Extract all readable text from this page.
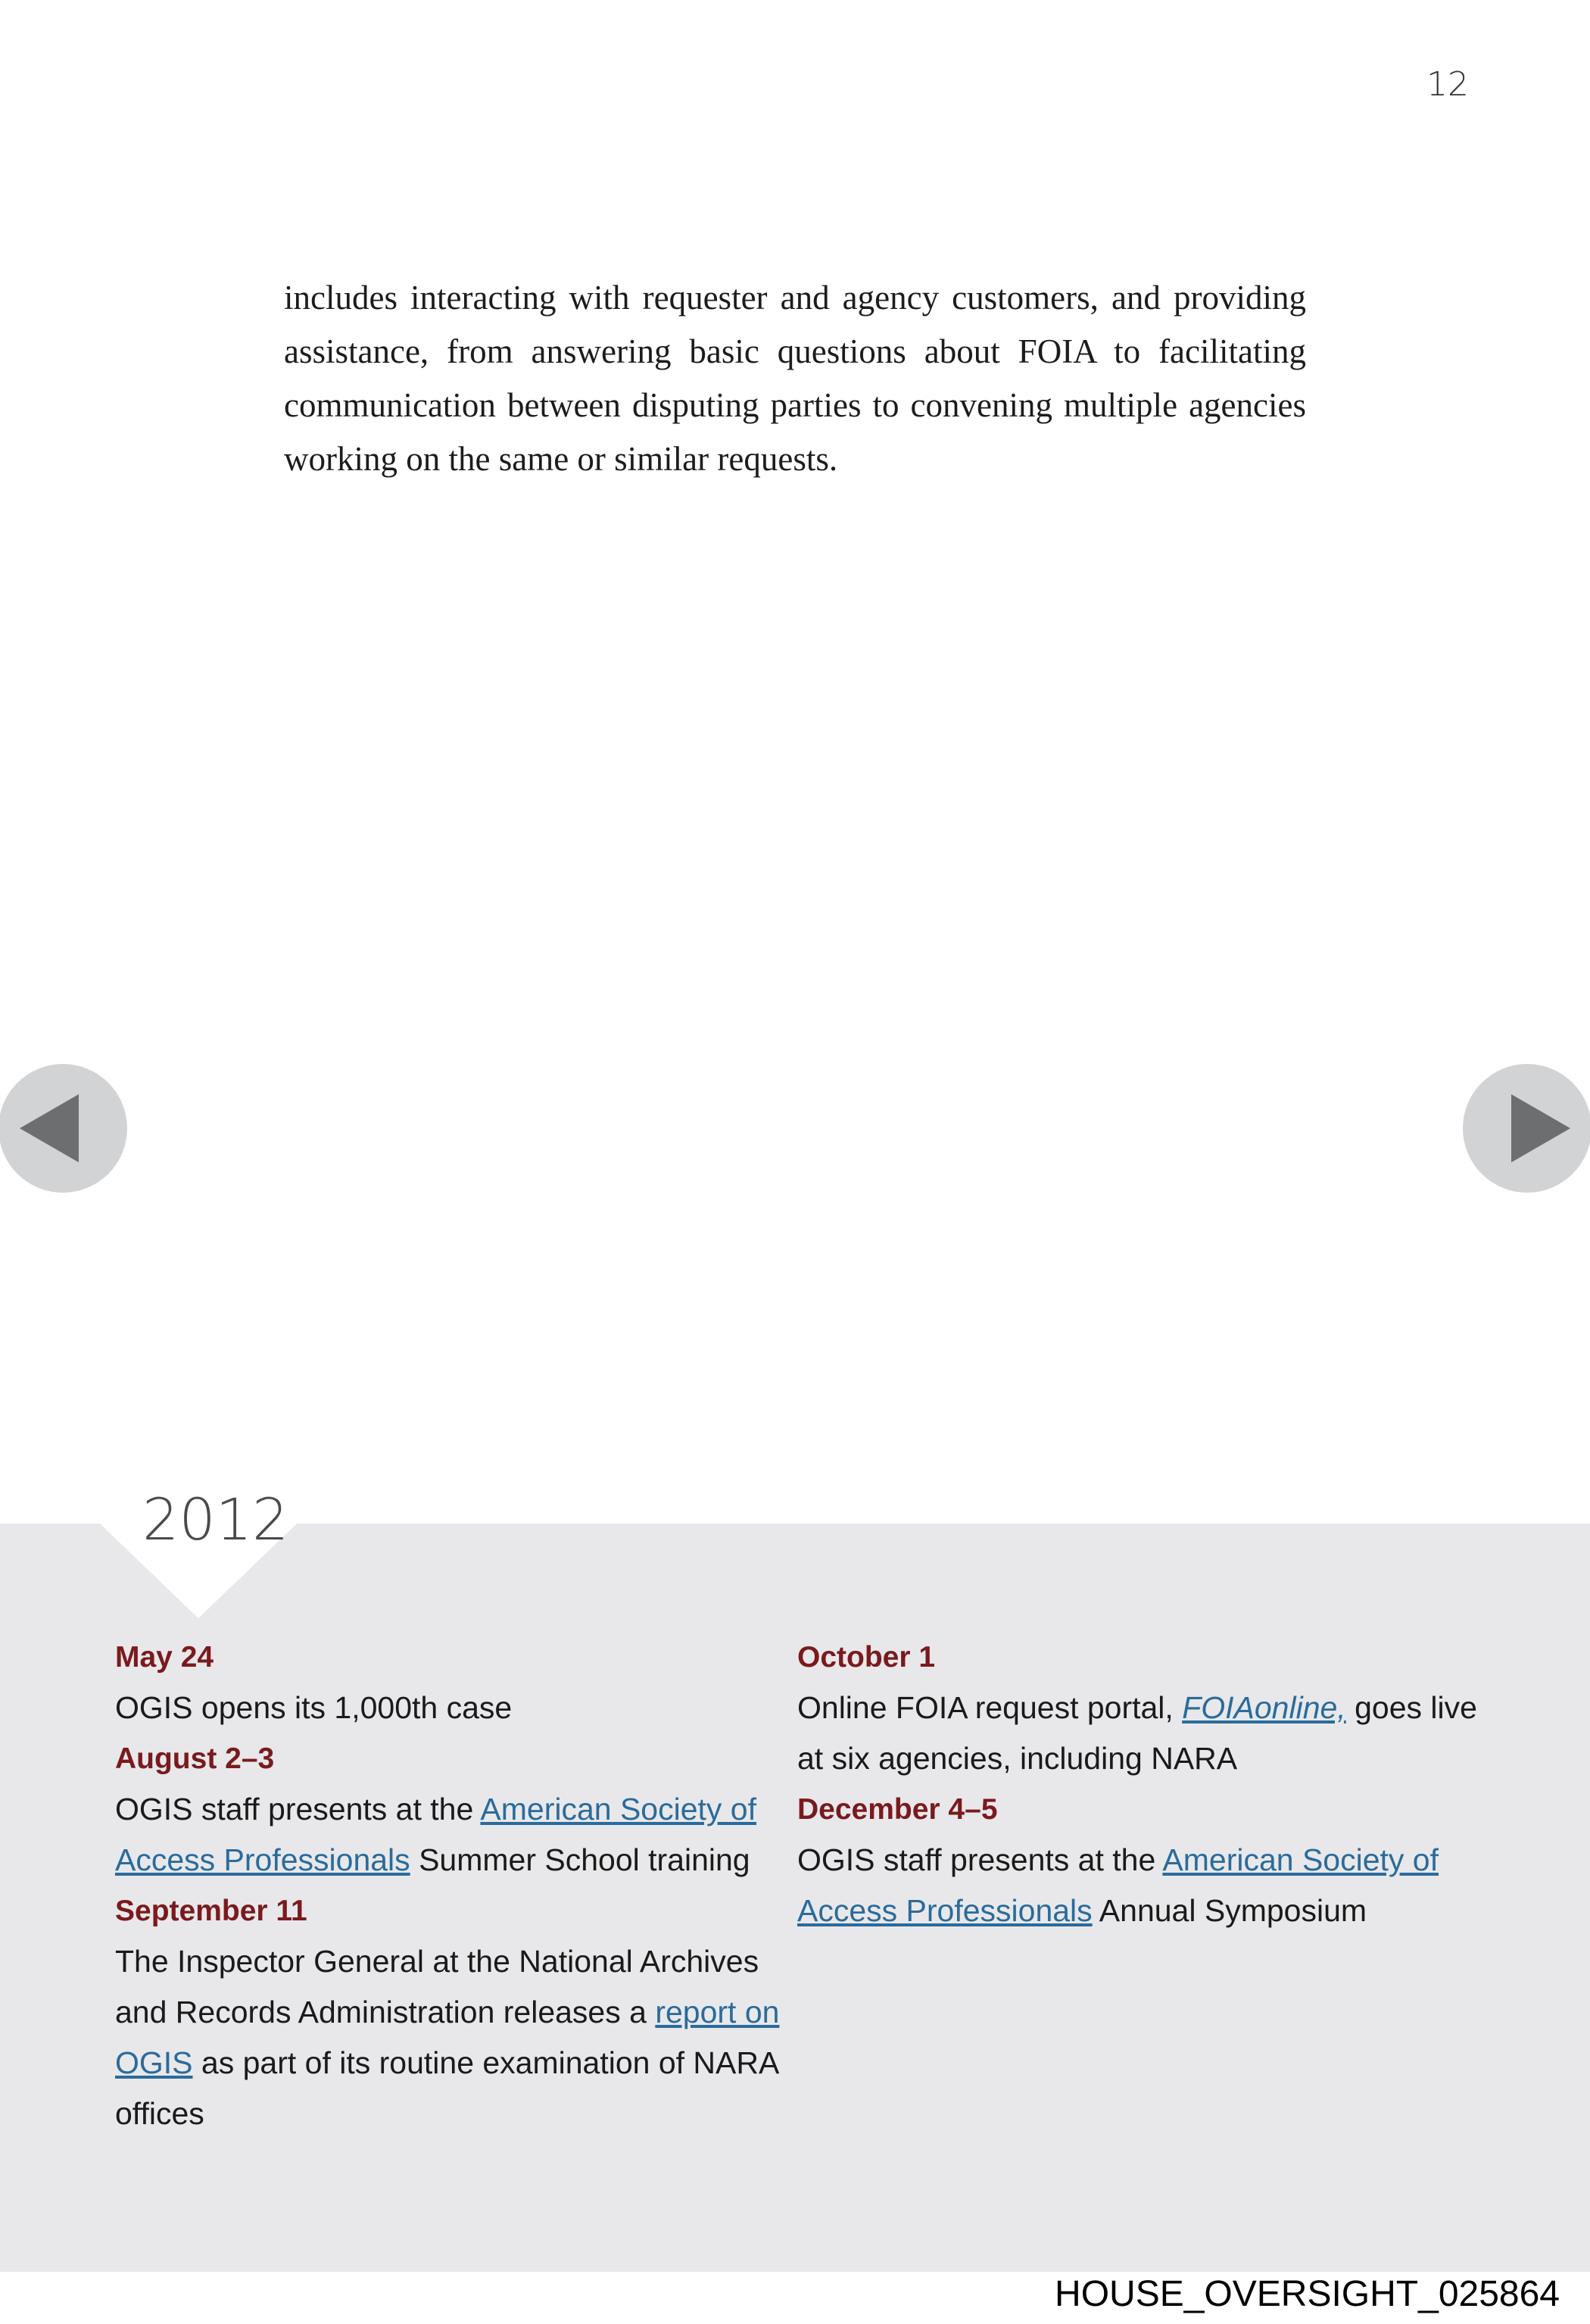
12

includes interacting with requester and agency customers, and providing assistance, from answering basic questions about FOIA to facilitating communication between disputing parties to convening multiple agencies working on the same or similar requests.

2012

May 24
OGIS opens its 1,000th case

August 2–3
OGIS staff presents at the American Society of Access Professionals Summer School training

September 11
The Inspector General at the National Archives and Records Administration releases a report on OGIS as part of its routine examination of NARA offices

October 1
Online FOIA request portal, FOIAonline, goes live at six agencies, including NARA

December 4–5
OGIS staff presents at the American Society of Access Professionals Annual Symposium

HOUSE_OVERSIGHT_025864
